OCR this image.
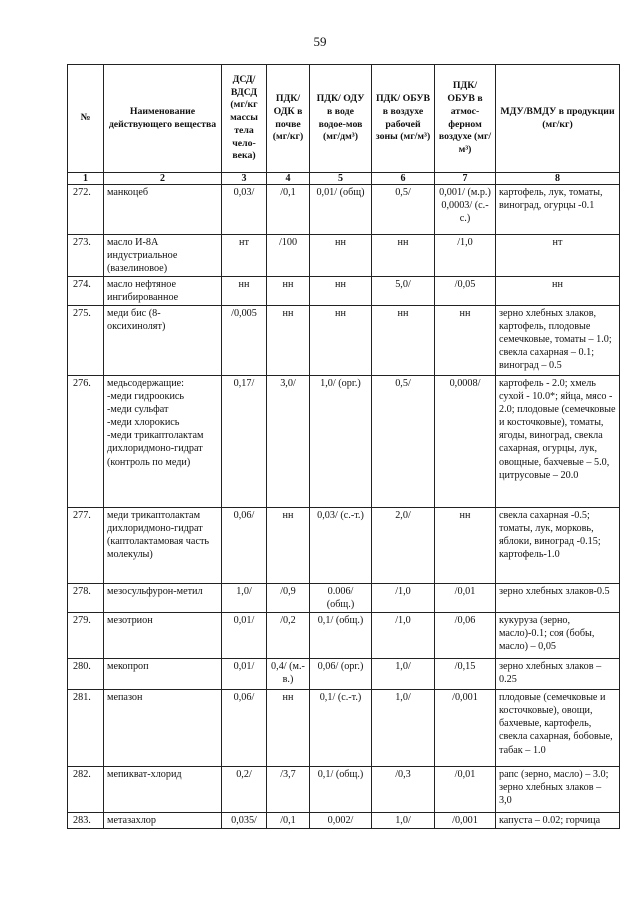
59
№	Наименование действующего вещества	ДСД/ ВДСД (мг/кг массы тела чело-века)	ПДК/ ОДК в почве (мг/кг)	ПДК/ ОДУ в воде водое-мов (мг/дм³)	ПДК/ ОБУВ в воздухе рабочей зоны (мг/м³)	ПДК/ ОБУВ в атмос-ферном воздухе (мг/м³)	МДУ/ВМДУ в продукции (мг/кг)
1	2	3	4	5	6	7	8
272.	манкоцеб	0,03/	/0,1	0,01/ (общ)	0,5/	0,001/ (м.р.) 0,0003/ (с.-с.)	картофель, лук, томаты, виноград, огурцы -0.1
273.	масло И-8А индустриальное (вазелиновое)	нт	/100	нн	нн	/1,0	нт
274.	масло нефтяное ингибированное	нн	нн	нн	5,0/	/0,05	нн
275.	меди бис (8-оксихинолят)	/0,005	нн	нн	нн	нн	зерно хлебных злаков, картофель, плодовые семечковые, томаты – 1.0; свекла сахарная – 0.1; виноград – 0.5
276.	медьсодержащие:
-меди гидроокись
-меди сульфат
-меди хлорокись
-меди трикаптолактам дихлоридмоно-гидрат (контроль по меди)	0,17/	3,0/	1,0/ (орг.)	0,5/	0,0008/	картофель - 2.0; хмель сухой - 10.0*; яйца, мясо - 2.0; плодовые (семечковые и косточковые), томаты, ягоды, виноград, свекла сахарная, огурцы, лук, овощные, бахчевые – 5.0, цитрусовые – 20.0
277.	меди трикаптолактам дихлоридмоно-гидрат (каптолактамовая часть молекулы)	0,06/	нн	0,03/ (с.-т.)	2,0/	нн	свекла сахарная -0.5; томаты, лук, морковь, яблоки, виноград -0.15; картофель-1.0
278.	мезосульфурон-метил	1,0/	/0,9	0.006/ (общ.)	/1,0	/0,01	зерно хлебных злаков-0.5
279.	мезотрион	0,01/	/0,2	0,1/ (общ.)	/1,0	/0,06	кукуруза (зерно, масло)-0.1; соя (бобы, масло) – 0,05
280.	мекопроп	0,01/	0,4/ (м.-в.)	0,06/ (орг.)	1,0/	/0,15	зерно хлебных злаков – 0.25
281.	мепазон	0,06/	нн	0,1/ (с.-т.)	1,0/	/0,001	плодовые (семечковые и косточковые), овощи, бахчевые, картофель, свекла сахарная, бобовые, табак – 1.0
282.	мепикват-хлорид	0,2/	/3,7	0,1/ (общ.)	/0,3	/0,01	рапс (зерно, масло) – 3.0; зерно хлебных злаков – 3,0
283.	метазахлор	0,035/	/0,1	0,002/	1,0/	/0,001	капуста – 0.02; горчица
